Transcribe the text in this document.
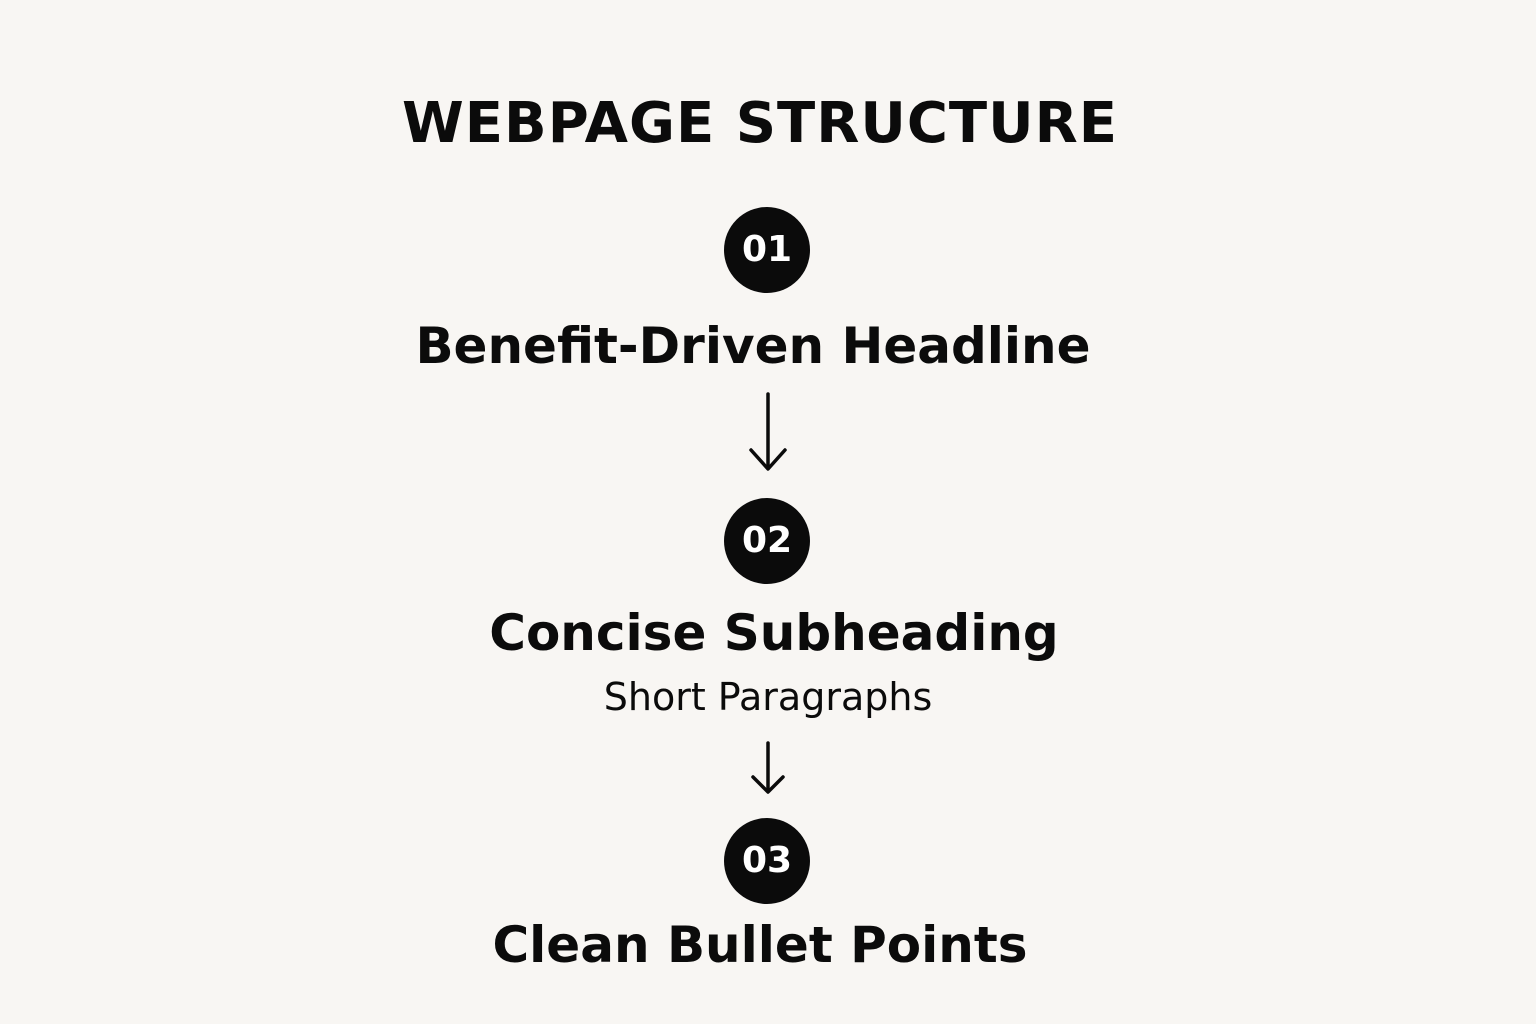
WEBPAGE STRUCTURE
01
Benefit-Driven Headline
02
Concise Subheading
Short Paragraphs
03
Clean Bullet Points
